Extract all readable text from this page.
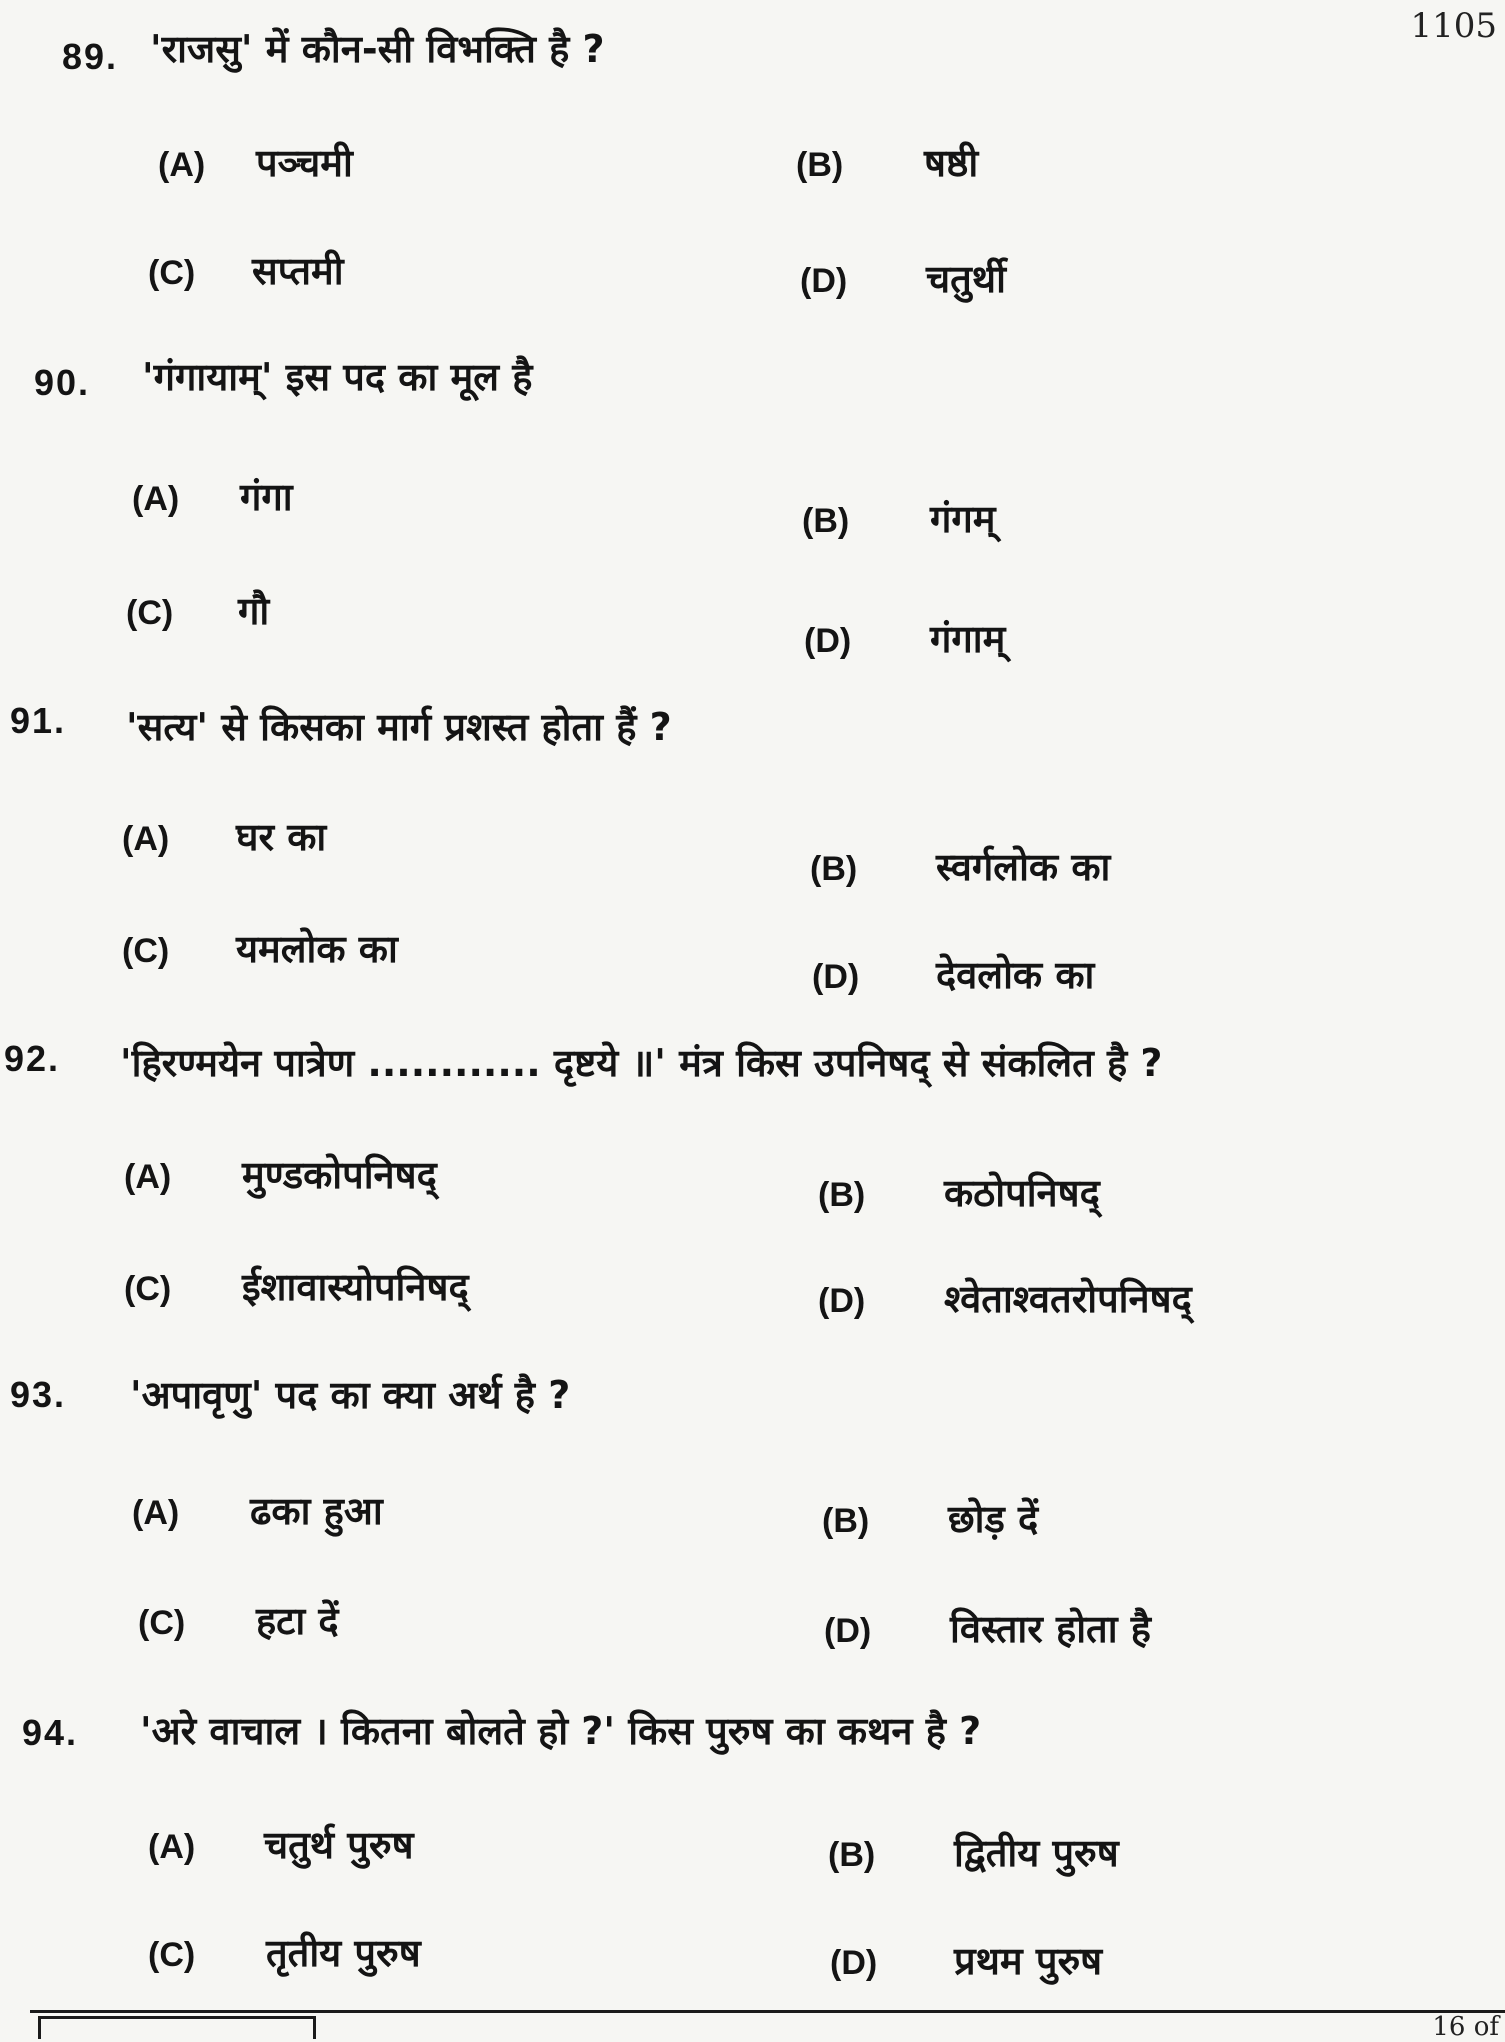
1105
89. 'राजसु' में कौन-सी विभक्ति है ?
(A) पञ्चमी	(B) षष्ठी
(C) सप्तमी	(D) चतुर्थी
90. 'गंगायाम्' इस पद का मूल है
(A) गंगा
(B) गंगम्
(C) गौ
(D) गंगाम्
91. 'सत्य' से किसका मार्ग प्रशस्त होता हैं ?
(A) घर का
(B) स्वर्गलोक का
(C) यमलोक का
(D) देवलोक का
92. 'हिरण्मयेन पात्रेण ............ दृष्टये ॥' मंत्र किस उपनिषद् से संकलित है ?
(A) मुण्डकोपनिषद्	(B) कठोपनिषद्
(C) ईशावास्योपनिषद्	(D) श्वेताश्वतरोपनिषद्
93. 'अपावृणु' पद का क्या अर्थ है ?
(A) ढका हुआ	(B) छोड़ दें
(C) हटा दें	(D) विस्तार होता है
94. 'अरे वाचाल । कितना बोलते हो ?' किस पुरुष का कथन है ?
(A) चतुर्थ पुरुष	(B) द्वितीय पुरुष
(C) तृतीय पुरुष	(D) प्रथम पुरुष
16 of
